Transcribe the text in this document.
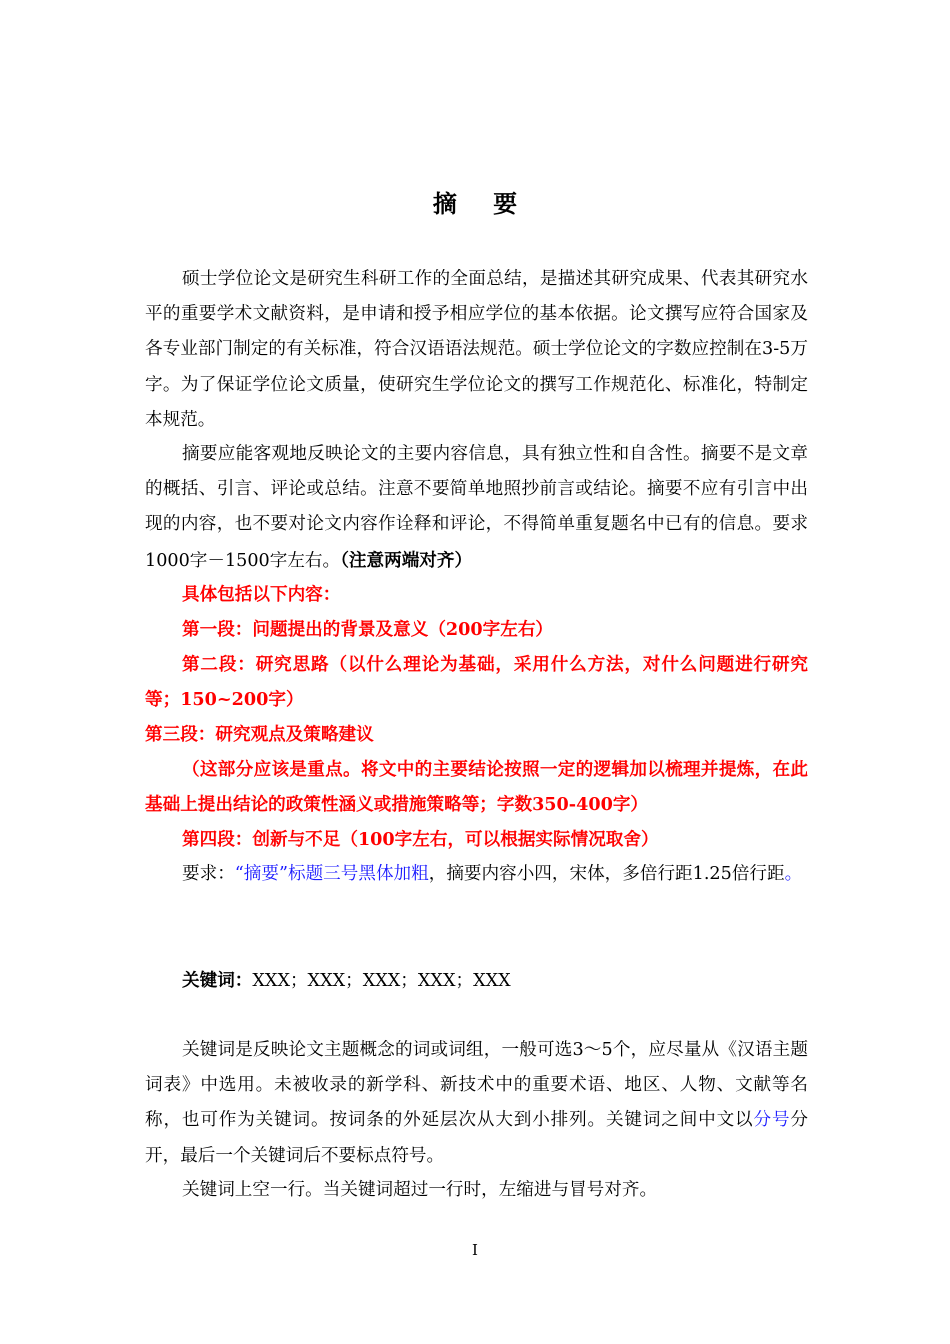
摘 要

硕士学位论文是研究生科研工作的全面总结，是描述其研究成果、代表其研究水平的重要学术文献资料，是申请和授予相应学位的基本依据。论文撰写应符合国家及各专业部门制定的有关标准，符合汉语语法规范。硕士学位论文的字数应控制在3-5万字。为了保证学位论文质量，使研究生学位论文的撰写工作规范化、标准化，特制定本规范。

摘要应能客观地反映论文的主要内容信息，具有独立性和自含性。摘要不是文章的概括、引言、评论或总结。注意不要简单地照抄前言或结论。摘要不应有引言中出现的内容，也不要对论文内容作诠释和评论，不得简单重复题名中已有的信息。要求1000字－1500字左右。（注意两端对齐）

具体包括以下内容：

第一段：问题提出的背景及意义（200字左右）

第二段：研究思路（以什么理论为基础，采用什么方法，对什么问题进行研究等；150~200字）

第三段：研究观点及策略建议

（这部分应该是重点。将文中的主要结论按照一定的逻辑加以梳理并提炼，在此基础上提出结论的政策性涵义或措施策略等；字数350-400字）

第四段：创新与不足（100字左右，可以根据实际情况取舍）

要求：“摘要”标题三号黑体加粗，摘要内容小四，宋体，多倍行距1.25倍行距。

关键词：XXX；XXX；XXX；XXX；XXX

关键词是反映论文主题概念的词或词组，一般可选3～5个，应尽量从《汉语主题词表》中选用。未被收录的新学科、新技术中的重要术语、地区、人物、文献等名称，也可作为关键词。按词条的外延层次从大到小排列。关键词之间中文以分号分开，最后一个关键词后不要标点符号。

关键词上空一行。当关键词超过一行时，左缩进与冒号对齐。

I
